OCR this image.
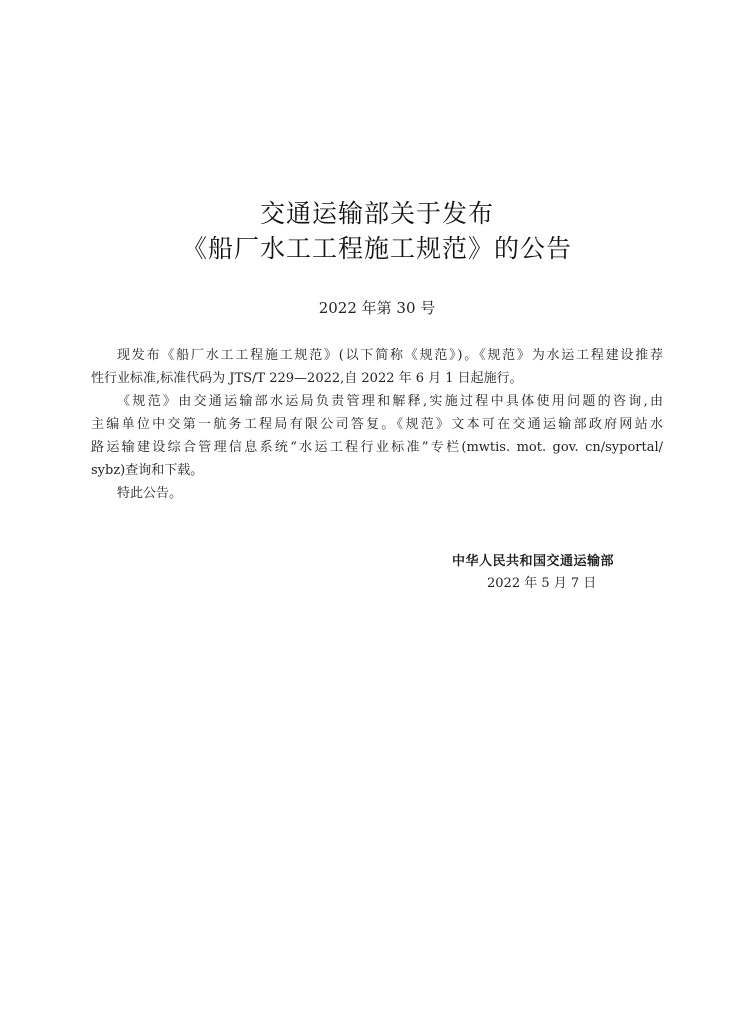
交通运输部关于发布
《船厂水工工程施工规范》的公告
2022 年第 30 号
现发布《船厂水工工程施工规范》(以下简称《规范》)。《规范》为水运工程建设推荐
性行业标准,标准代码为 JTS/T 229—2022,自 2022 年 6 月 1 日起施行。
《规范》由交通运输部水运局负责管理和解释,实施过程中具体使用问题的咨询,由
主编单位中交第一航务工程局有限公司答复。《规范》文本可在交通运输部政府网站水
路运输建设综合管理信息系统“水运工程行业标准”专栏(mwtis. mot. gov. cn/syportal/
sybz)查询和下载。
特此公告。
中华人民共和国交通运输部
2022 年 5 月 7 日
